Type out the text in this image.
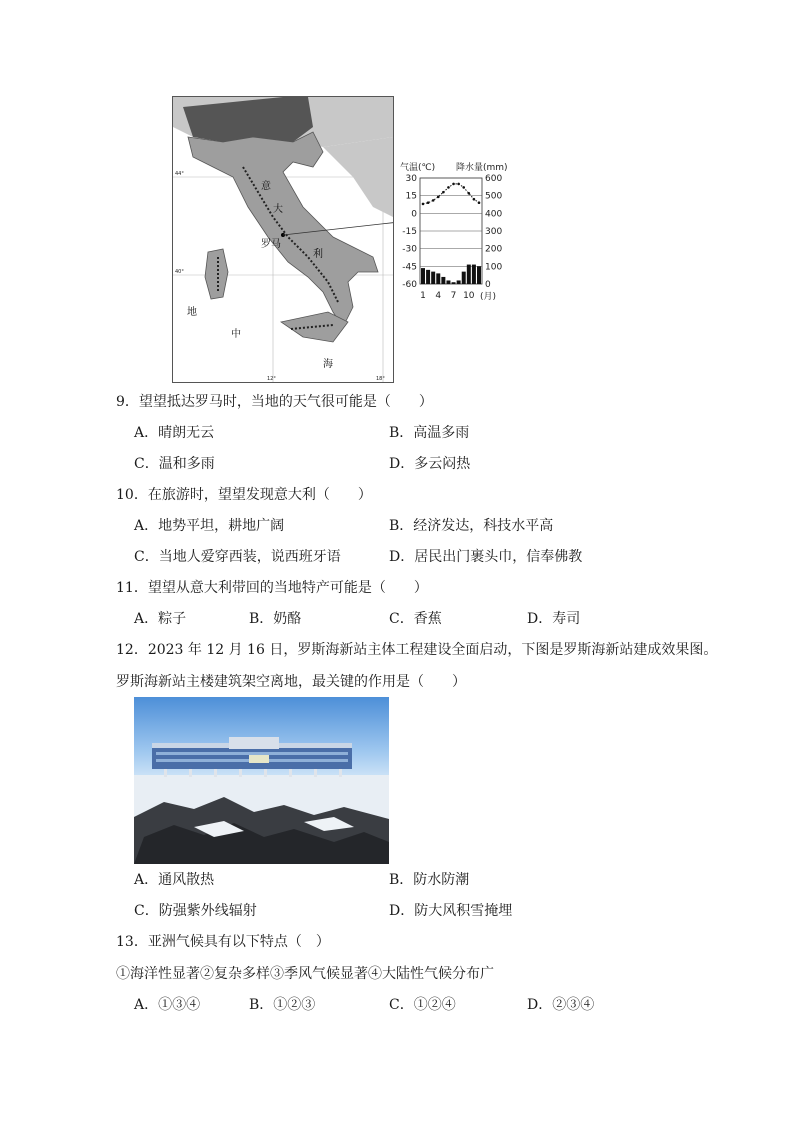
意
大
罗马
利
地
中
海
44°
40°
12°	18°
气温(℃) 降水量(mm)
30
15
0
-15
-30
-45
-60
600
500
400
300
200
100
0
1 4 7 10 (月)
9．望望抵达罗马时，当地的天气很可能是（　　）
A．晴朗无云	B．高温多雨
C．温和多雨	D．多云闷热
10．在旅游时，望望发现意大利（　　）
A．地势平坦，耕地广阔	B．经济发达，科技水平高
C．当地人爱穿西装，说西班牙语	D．居民出门裹头巾，信奉佛教
11．望望从意大利带回的当地特产可能是（　　）
A．粽子	B．奶酪	C．香蕉	D．寿司
12．2023 年 12 月 16 日，罗斯海新站主体工程建设全面启动，下图是罗斯海新站建成效果图。
罗斯海新站主楼建筑架空离地，最关键的作用是（　　）
A．通风散热	B．防水防潮
C．防强紫外线辐射	D．防大风积雪掩埋
13．亚洲气候具有以下特点（　）
①海洋性显著②复杂多样③季风气候显著④大陆性气候分布广
A．①③④	B．①②③	C．①②④	D．②③④
